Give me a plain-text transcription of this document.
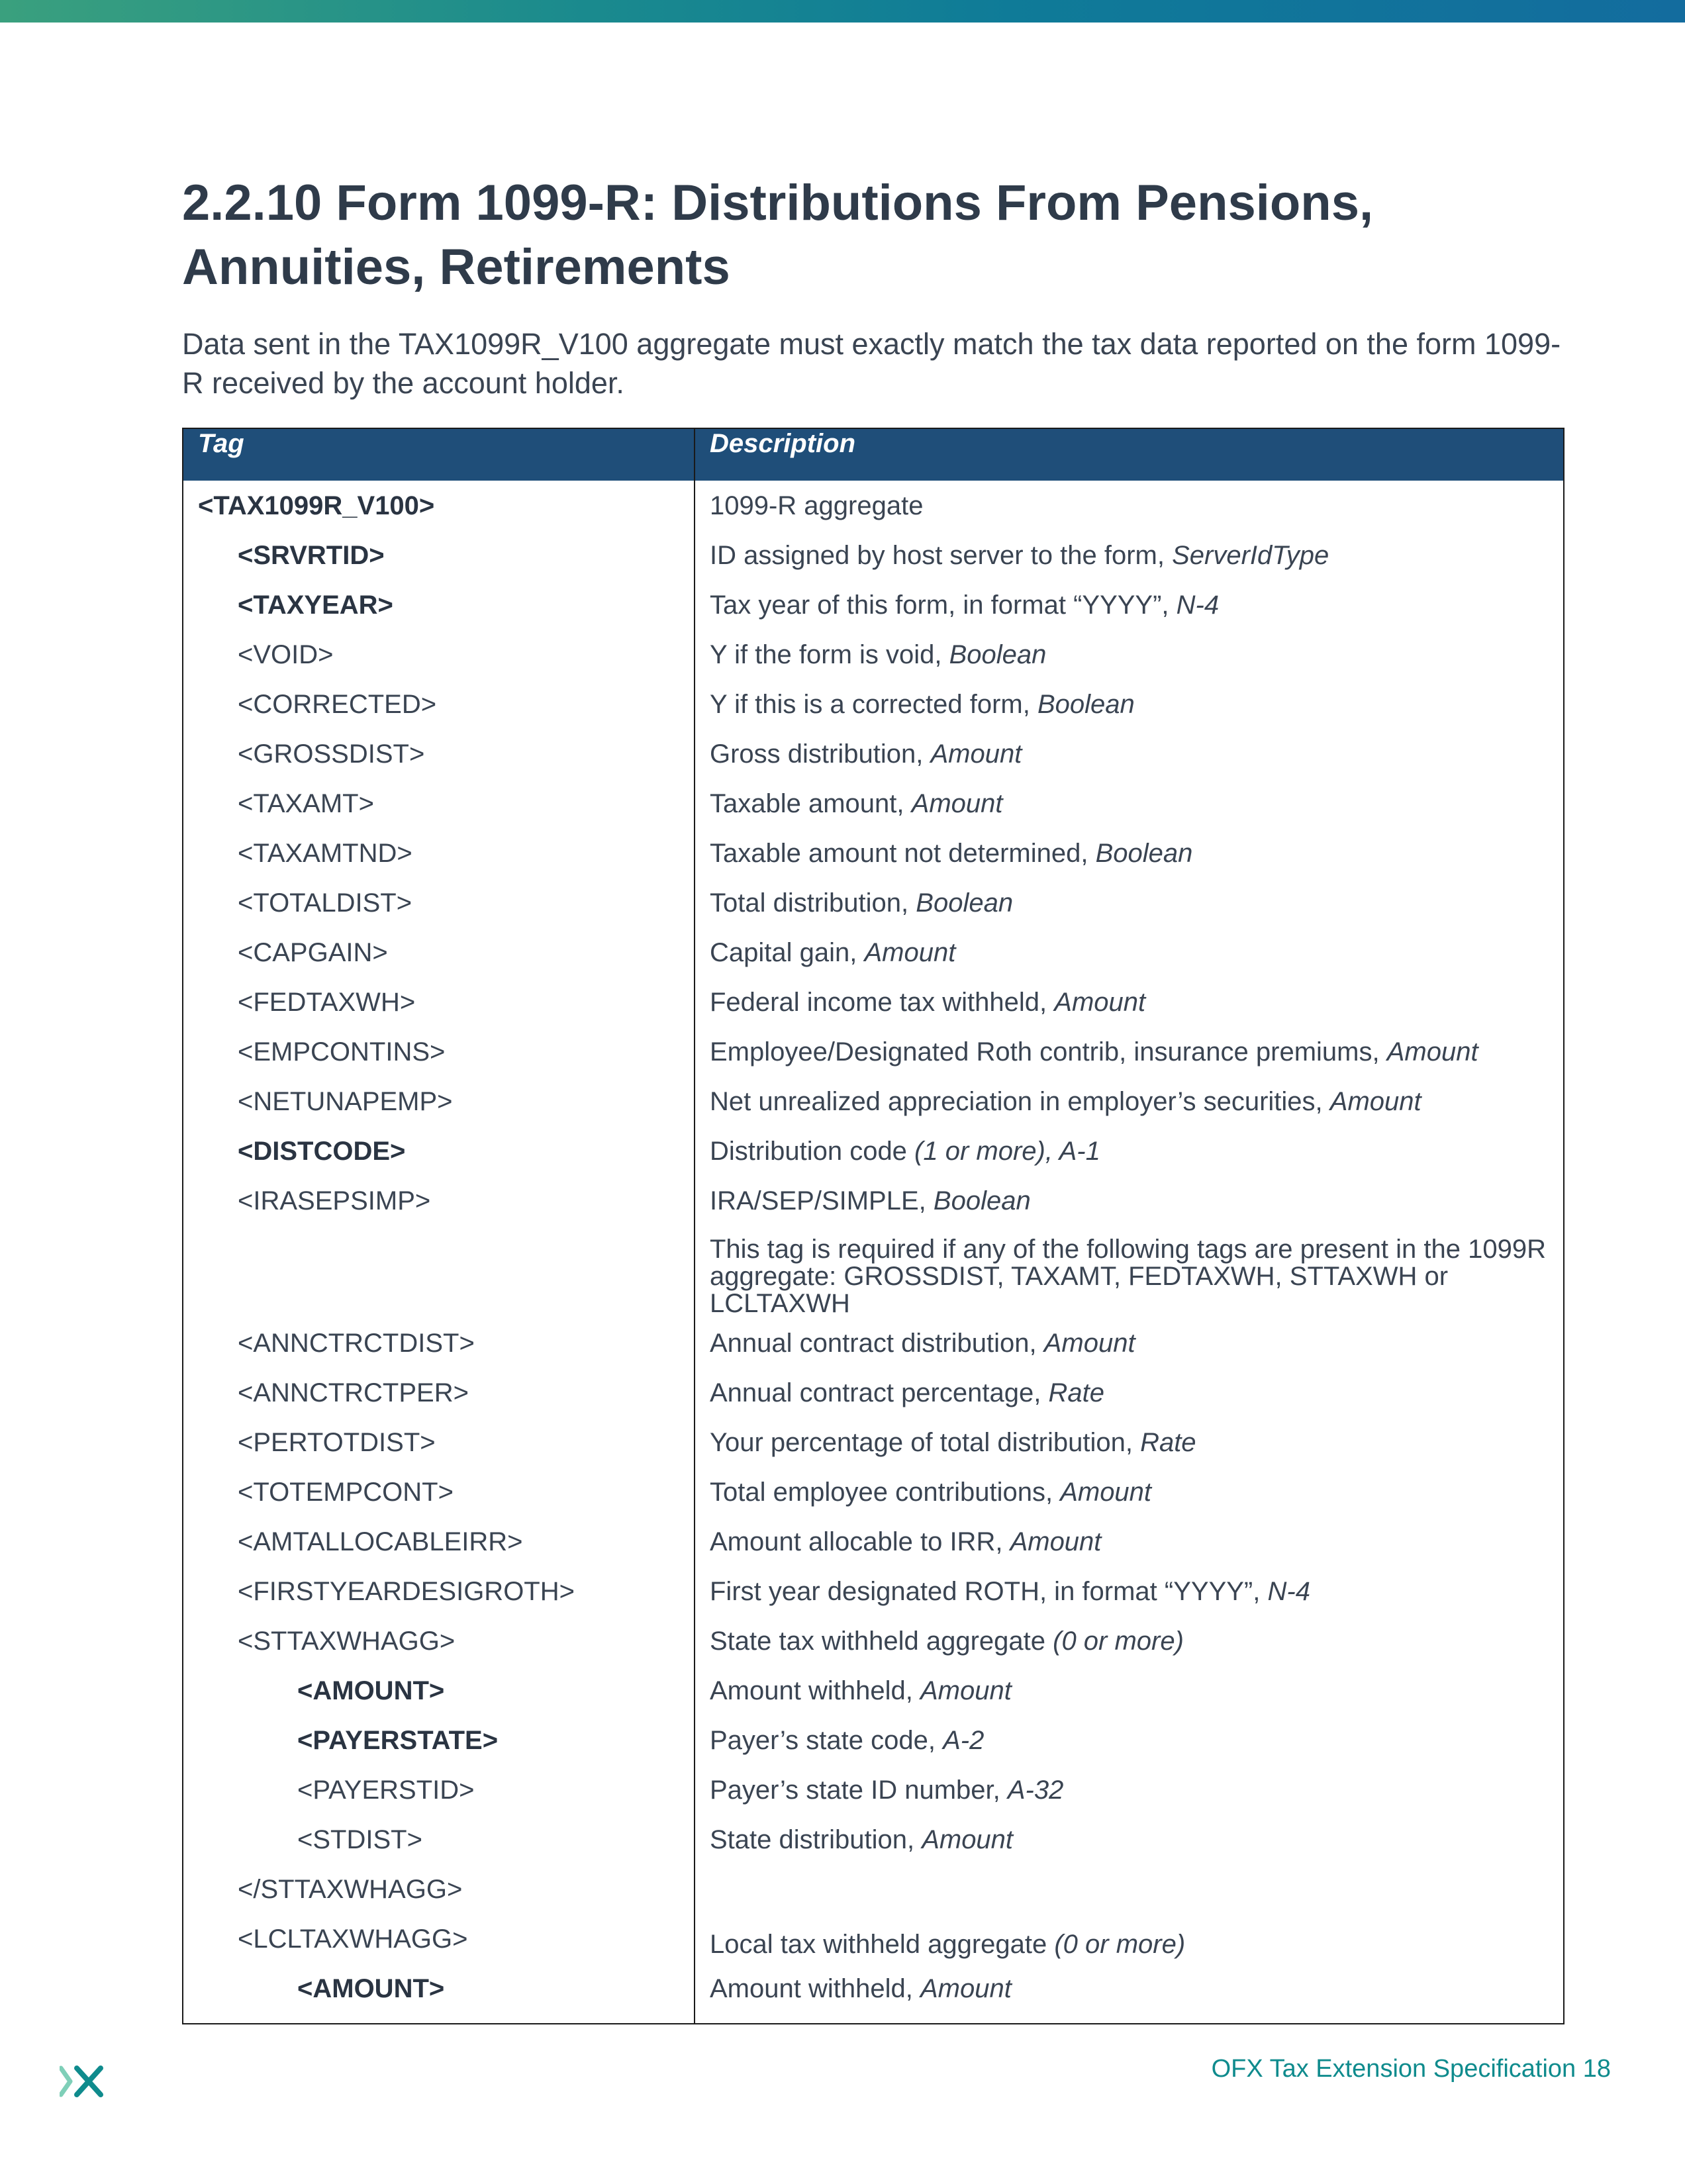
2.2.10 Form 1099-R: Distributions From Pensions, Annuities, Retirements

Data sent in the TAX1099R_V100 aggregate must exactly match the tax data reported on the form 1099-R received by the account holder.

Tag	Description
<TAX1099R_V100>	1099-R aggregate
<SRVRTID>	ID assigned by host server to the form, ServerIdType
<TAXYEAR>	Tax year of this form, in format “YYYY”, N-4
<VOID>	Y if the form is void, Boolean
<CORRECTED>	Y if this is a corrected form, Boolean
<GROSSDIST>	Gross distribution, Amount
<TAXAMT>	Taxable amount, Amount
<TAXAMTND>	Taxable amount not determined, Boolean
<TOTALDIST>	Total distribution, Boolean
<CAPGAIN>	Capital gain, Amount
<FEDTAXWH>	Federal income tax withheld, Amount
<EMPCONTINS>	Employee/Designated Roth contrib, insurance premiums, Amount
<NETUNAPEMP>	Net unrealized appreciation in employer’s securities, Amount
<DISTCODE>	Distribution code (1 or more), A-1
<IRASEPSIMP>	IRA/SEP/SIMPLE, Boolean
This tag is required if any of the following tags are present in the 1099R aggregate: GROSSDIST, TAXAMT, FEDTAXWH, STTAXWH or LCLTAXWH
<ANNCTRCTDIST>	Annual contract distribution, Amount
<ANNCTRCTPER>	Annual contract percentage, Rate
<PERTOTDIST>	Your percentage of total distribution, Rate
<TOTEMPCONT>	Total employee contributions, Amount
<AMTALLOCABLEIRR>	Amount allocable to IRR, Amount
<FIRSTYEARDESIGROTH>	First year designated ROTH, in format “YYYY”, N-4
<STTAXWHAGG>	State tax withheld aggregate (0 or more)
<AMOUNT>	Amount withheld, Amount
<PAYERSTATE>	Payer’s state code, A-2
<PAYERSTID>	Payer’s state ID number, A-32
<STDIST>	State distribution, Amount
</STTAXWHAGG>
<LCLTAXWHAGG>	Local tax withheld aggregate (0 or more)
<AMOUNT>	Amount withheld, Amount
OFX Tax Extension Specification 18
